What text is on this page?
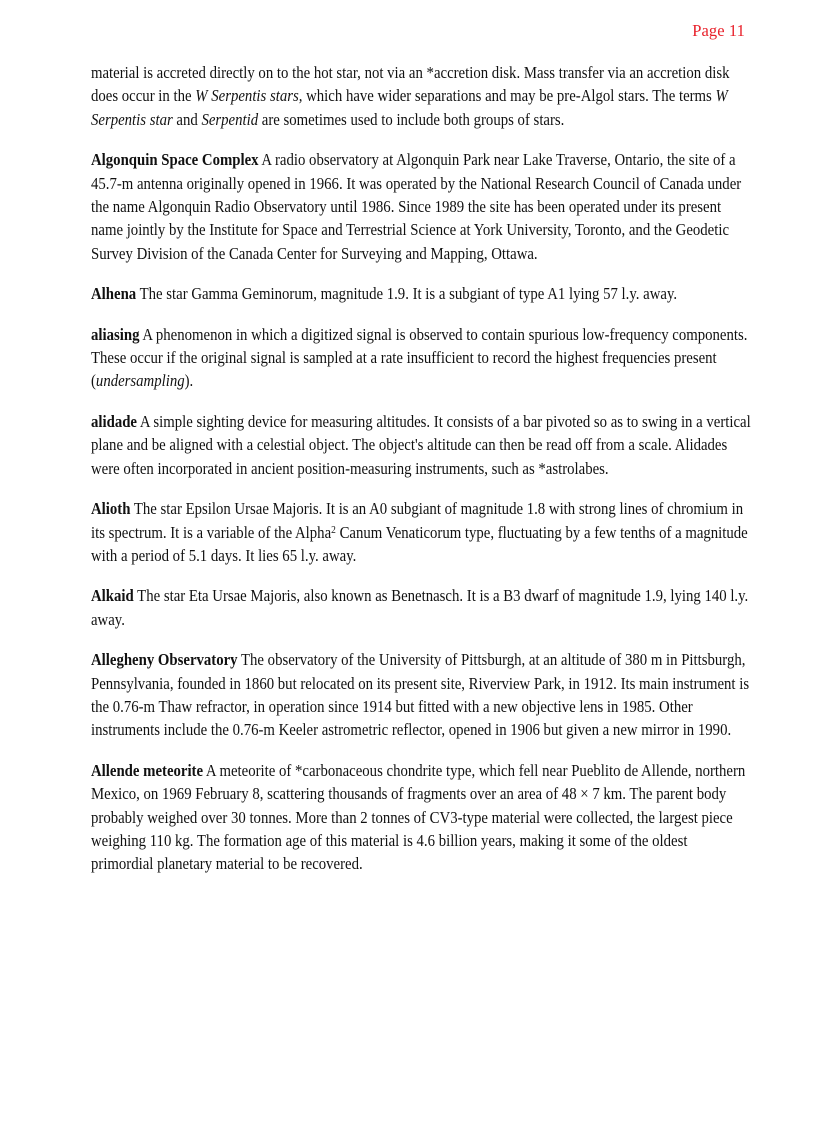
Page 11

material is accreted directly on to the hot star, not via an *accretion disk. Mass transfer via an accretion disk does occur in the W Serpentis stars, which have wider separations and may be pre-Algol stars. The terms W Serpentis star and Serpentid are sometimes used to include both groups of stars.

Algonquin Space Complex A radio observatory at Algonquin Park near Lake Traverse, Ontario, the site of a 45.7-m antenna originally opened in 1966. It was operated by the National Research Council of Canada under the name Algonquin Radio Observatory until 1986. Since 1989 the site has been operated under its present name jointly by the Institute for Space and Terrestrial Science at York University, Toronto, and the Geodetic Survey Division of the Canada Center for Surveying and Mapping, Ottawa.

Alhena The star Gamma Geminorum, magnitude 1.9. It is a subgiant of type A1 lying 57 l.y. away.

aliasing A phenomenon in which a digitized signal is observed to contain spurious low-frequency components. These occur if the original signal is sampled at a rate insufficient to record the highest frequencies present (undersampling).

alidade A simple sighting device for measuring altitudes. It consists of a bar pivoted so as to swing in a vertical plane and be aligned with a celestial object. The object's altitude can then be read off from a scale. Alidades were often incorporated in ancient position-measuring instruments, such as *astrolabes.

Alioth The star Epsilon Ursae Majoris. It is an A0 subgiant of magnitude 1.8 with strong lines of chromium in its spectrum. It is a variable of the Alpha$^2$ Canum Venaticorum type, fluctuating by a few tenths of a magnitude with a period of 5.1 days. It lies 65 l.y. away.

Alkaid The star Eta Ursae Majoris, also known as Benetnasch. It is a B3 dwarf of magnitude 1.9, lying 140 l.y. away.

Allegheny Observatory The observatory of the University of Pittsburgh, at an altitude of 380 m in Pittsburgh, Pennsylvania, founded in 1860 but relocated on its present site, Riverview Park, in 1912. Its main instrument is the 0.76-m Thaw refractor, in operation since 1914 but fitted with a new objective lens in 1985. Other instruments include the 0.76-m Keeler astrometric reflector, opened in 1906 but given a new mirror in 1990.

Allende meteorite A meteorite of *carbonaceous chondrite type, which fell near Pueblito de Allende, northern Mexico, on 1969 February 8, scattering thousands of fragments over an area of 48 × 7 km. The parent body probably weighed over 30 tonnes. More than 2 tonnes of CV3-type material were collected, the largest piece weighing 110 kg. The formation age of this material is 4.6 billion years, making it some of the oldest primordial planetary material to be recovered.
